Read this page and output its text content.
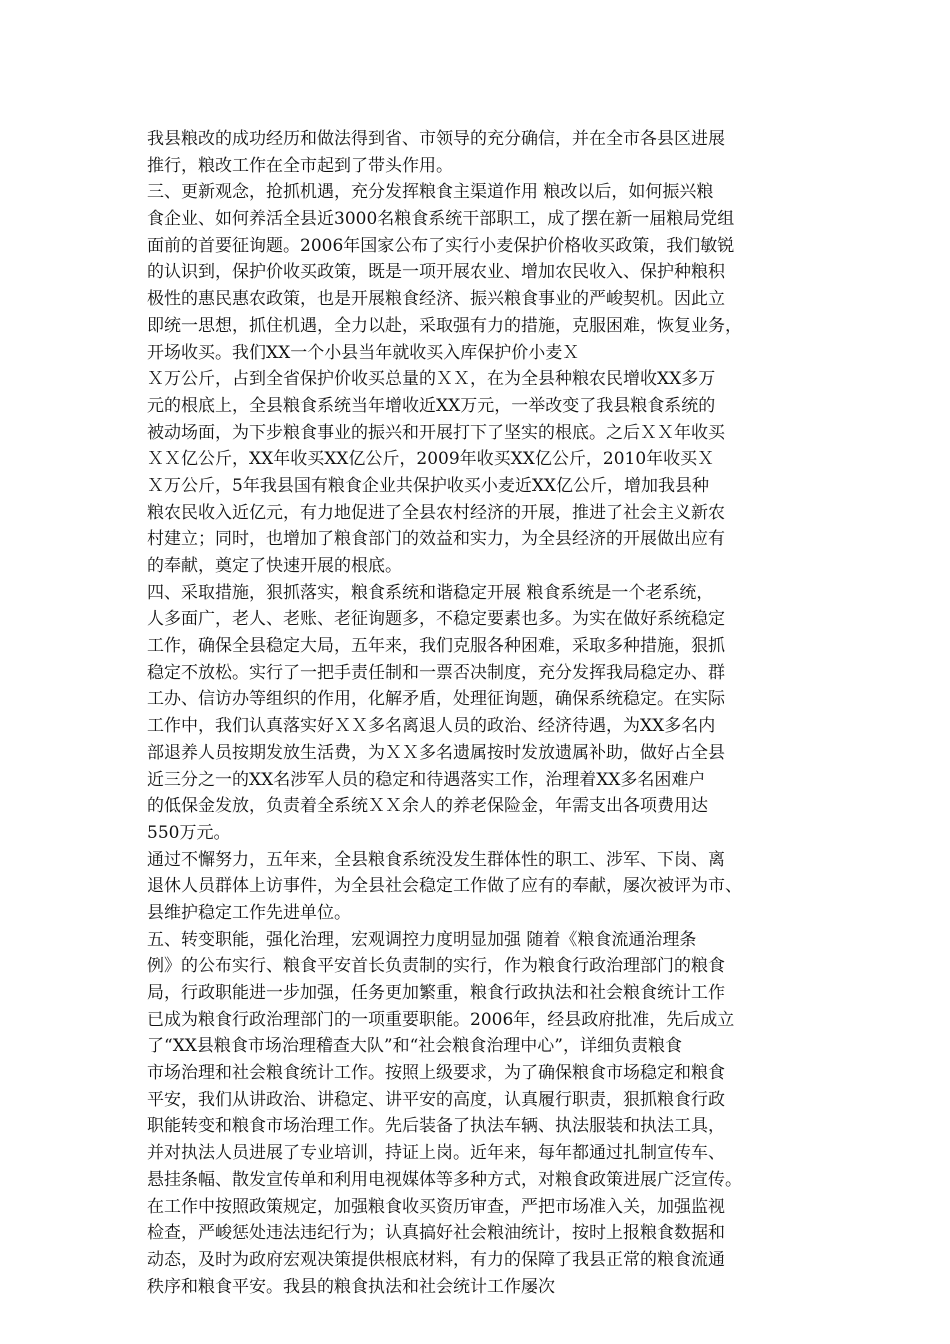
我县粮改的成功经历和做法得到省、市领导的充分确信，并在全市各县区进展
推行，粮改工作在全市起到了带头作用。
三、更新观念，抢抓机遇，充分发挥粮食主渠道作用 粮改以后，如何振兴粮
食企业、如何养活全县近3000名粮食系统干部职工，成了摆在新一届粮局党组
面前的首要征询题。2006年国家公布了实行小麦保护价格收买政策，我们敏锐
的认识到，保护价收买政策，既是一项开展农业、增加农民收入、保护种粮积
极性的惠民惠农政策，也是开展粮食经济、振兴粮食事业的严峻契机。因此立
即统一思想，抓住机遇，全力以赴，采取强有力的措施，克服困难，恢复业务，
开场收买。我们XX一个小县当年就收买入库保护价小麦Ｘ
Ｘ万公斤，占到全省保护价收买总量的ＸＸ，在为全县种粮农民增收XX多万
元的根底上，全县粮食系统当年增收近XX万元，一举改变了我县粮食系统的
被动场面，为下步粮食事业的振兴和开展打下了坚实的根底。之后ＸＸ年收买
ＸＸ亿公斤，XX年收买XX亿公斤，2009年收买XX亿公斤，2010年收买Ｘ
Ｘ万公斤，5年我县国有粮食企业共保护收买小麦近XX亿公斤，增加我县种
粮农民收入近亿元，有力地促进了全县农村经济的开展，推进了社会主义新农
村建立；同时，也增加了粮食部门的效益和实力，为全县经济的开展做出应有
的奉献，奠定了快速开展的根底。
四、采取措施，狠抓落实，粮食系统和谐稳定开展 粮食系统是一个老系统，
人多面广，老人、老账、老征询题多，不稳定要素也多。为实在做好系统稳定
工作，确保全县稳定大局，五年来，我们克服各种困难，采取多种措施，狠抓
稳定不放松。实行了一把手责任制和一票否决制度，充分发挥我局稳定办、群
工办、信访办等组织的作用，化解矛盾，处理征询题，确保系统稳定。在实际
工作中，我们认真落实好ＸＸ多名离退人员的政治、经济待遇，为XX多名内
部退养人员按期发放生活费，为ＸＸ多名遗属按时发放遗属补助，做好占全县
近三分之一的XX名涉军人员的稳定和待遇落实工作，治理着XX多名困难户
的低保金发放，负责着全系统ＸＸ余人的养老保险金，年需支出各项费用达
550万元。
通过不懈努力，五年来，全县粮食系统没发生群体性的职工、涉军、下岗、离
退休人员群体上访事件，为全县社会稳定工作做了应有的奉献，屡次被评为市、
县维护稳定工作先进单位。
五、转变职能，强化治理，宏观调控力度明显加强 随着《粮食流通治理条
例》的公布实行、粮食平安首长负责制的实行，作为粮食行政治理部门的粮食
局，行政职能进一步加强，任务更加繁重，粮食行政执法和社会粮食统计工作
已成为粮食行政治理部门的一项重要职能。2006年，经县政府批准，先后成立
了“XX县粮食市场治理稽查大队”和“社会粮食治理中心”，详细负责粮食
市场治理和社会粮食统计工作。按照上级要求，为了确保粮食市场稳定和粮食
平安，我们从讲政治、讲稳定、讲平安的高度，认真履行职责，狠抓粮食行政
职能转变和粮食市场治理工作。先后装备了执法车辆、执法服装和执法工具，
并对执法人员进展了专业培训，持证上岗。近年来，每年都通过扎制宣传车、
悬挂条幅、散发宣传单和利用电视媒体等多种方式，对粮食政策进展广泛宣传。
在工作中按照政策规定，加强粮食收买资历审查，严把市场准入关，加强监视
检查，严峻惩处违法违纪行为；认真搞好社会粮油统计，按时上报粮食数据和
动态，及时为政府宏观决策提供根底材料，有力的保障了我县正常的粮食流通
秩序和粮食平安。我县的粮食执法和社会统计工作屡次
